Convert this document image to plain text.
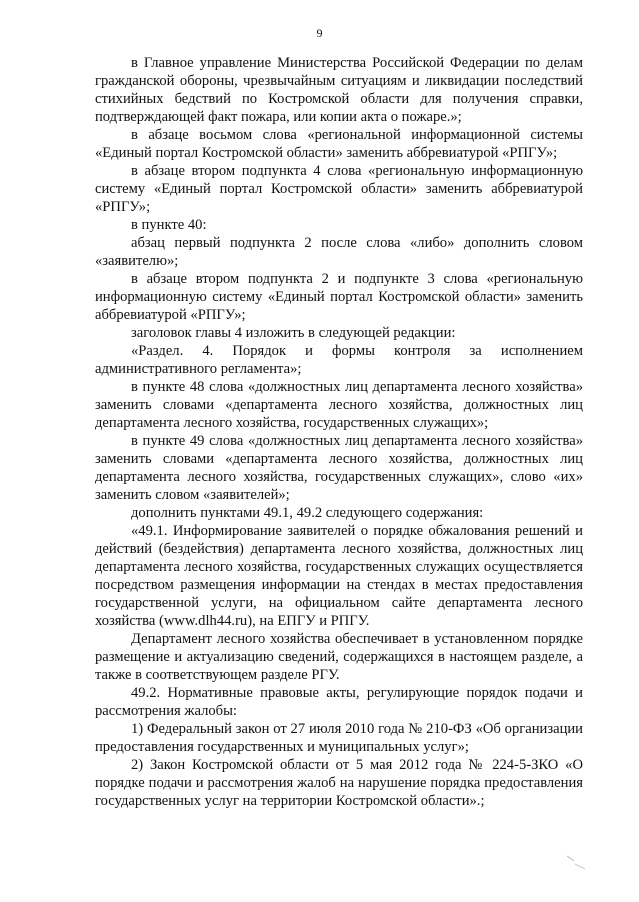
9

в Главное управление Министерства Российской Федерации по делам гражданской обороны, чрезвычайным ситуациям и ликвидации последствий стихийных бедствий по Костромской области для получения справки, подтверждающей факт пожара, или копии акта о пожаре.»;

в абзаце восьмом слова «региональной информационной системы «Единый портал Костромской области» заменить аббревиатурой «РПГУ»;

в абзаце втором подпункта 4 слова «региональную информационную систему «Единый портал Костромской области» заменить аббревиатурой «РПГУ»;

в пункте 40:

абзац первый подпункта 2 после слова «либо» дополнить словом «заявителю»;

в абзаце втором подпункта 2 и подпункте 3 слова «региональную информационную систему «Единый портал Костромской области» заменить аббревиатурой «РПГУ»;

заголовок главы 4 изложить в следующей редакции:

«Раздел. 4. Порядок и формы контроля за исполнением административного регламента»;

в пункте 48 слова «должностных лиц департамента лесного хозяйства» заменить словами «департамента лесного хозяйства, должностных лиц департамента лесного хозяйства, государственных служащих»;

в пункте 49 слова «должностных лиц департамента лесного хозяйства» заменить словами «департамента лесного хозяйства, должностных лиц департамента лесного хозяйства, государственных служащих», слово «их» заменить словом «заявителей»;

дополнить пунктами 49.1, 49.2 следующего содержания:

«49.1. Информирование заявителей о порядке обжалования решений и действий (бездействия) департамента лесного хозяйства, должностных лиц департамента лесного хозяйства, государственных служащих осуществляется посредством размещения информации на стендах в местах предоставления государственной услуги, на официальном сайте департамента лесного хозяйства (www.dlh44.ru), на ЕПГУ и РПГУ.

Департамент лесного хозяйства обеспечивает в установленном порядке размещение и актуализацию сведений, содержащихся в настоящем разделе, а также в соответствующем разделе РГУ.

49.2. Нормативные правовые акты, регулирующие порядок подачи и рассмотрения жалобы:

1) Федеральный закон от 27 июля 2010 года № 210-ФЗ «Об организации предоставления государственных и муниципальных услуг»;

2) Закон Костромской области от 5 мая 2012 года № 224-5-ЗКО «О порядке подачи и рассмотрения жалоб на нарушение порядка предоставления государственных услуг на территории Костромской области».;
